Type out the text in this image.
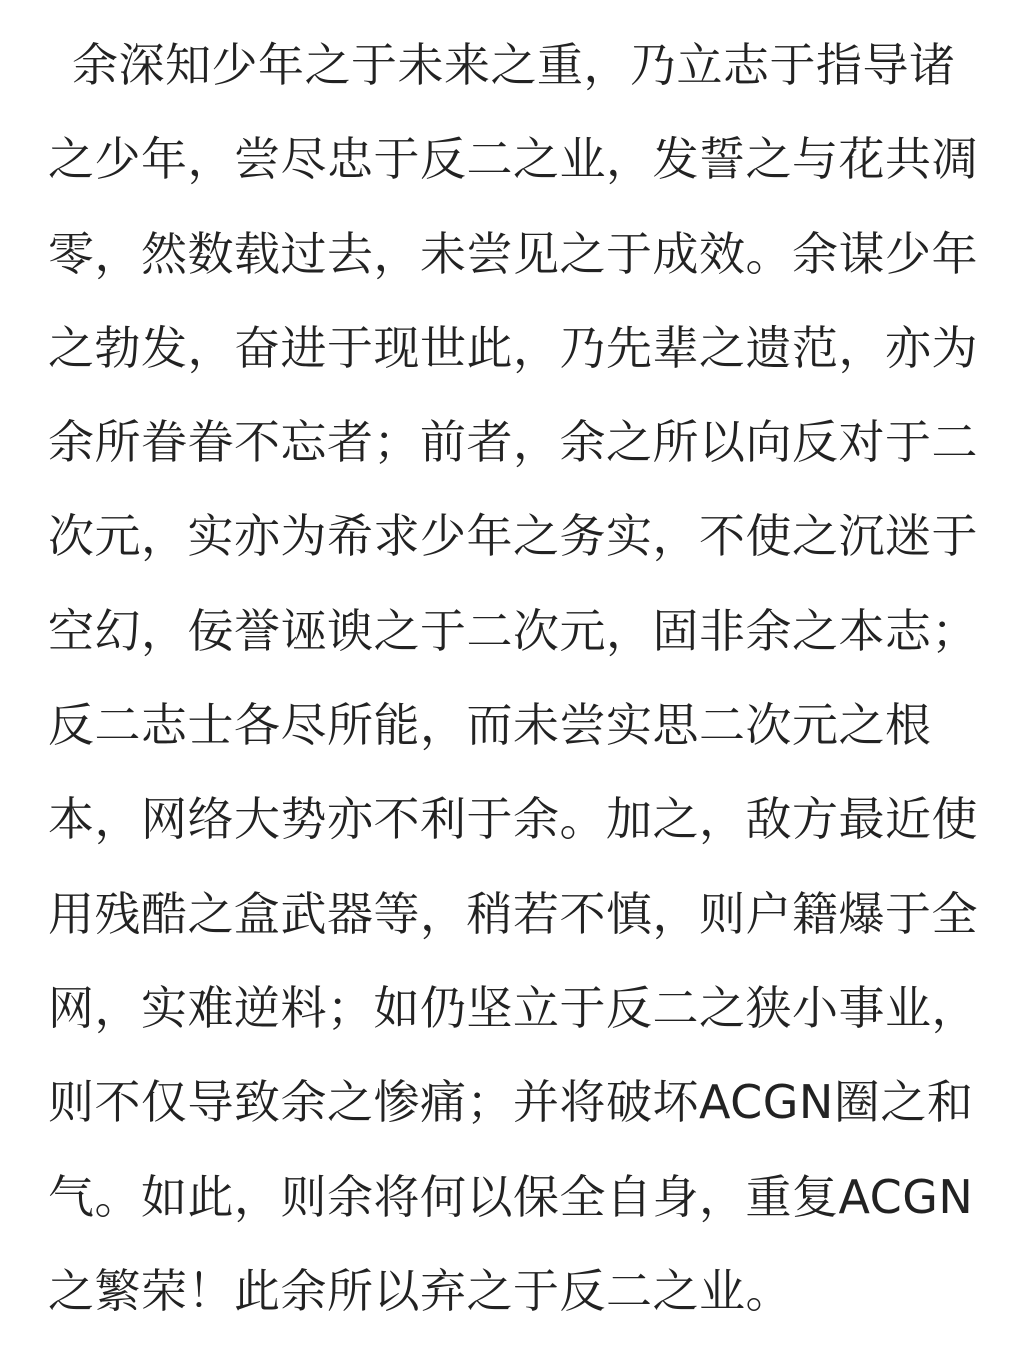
余深知少年之于未来之重，乃立志于指导诸
之少年，尝尽忠于反二之业，发誓之与花共凋
零，然数载过去，未尝见之于成效。余谋少年
之勃发，奋进于现世此，乃先辈之遗范，亦为
余所眷眷不忘者；前者，余之所以向反对于二
次元，实亦为希求少年之务实，不使之沉迷于
空幻，佞誉诬谀之于二次元，固非余之本志；
反二志士各尽所能，而未尝实思二次元之根
本，网络大势亦不利于余。加之，敌方最近使
用残酷之盒武器等，稍若不慎，则户籍爆于全
网，实难逆料；如仍坚立于反二之狭小事业，
则不仅导致余之惨痛；并将破坏ACGN圈之和
气。如此，则余将何以保全自身，重复ACGN
之繁荣！此余所以弃之于反二之业。
